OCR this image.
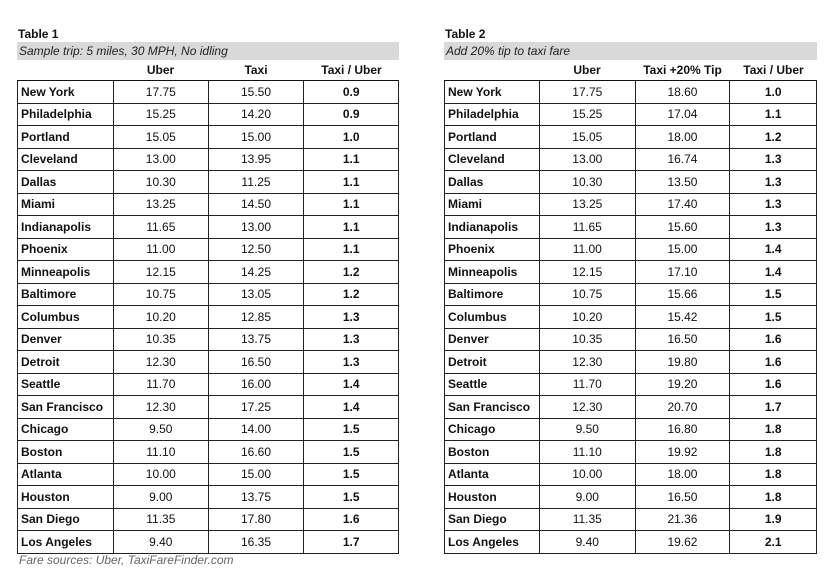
Table 1
Sample trip: 5 miles, 30 MPH, No idling
Uber	Taxi	Taxi / Uber
New York	17.75	15.50	0.9
Philadelphia	15.25	14.20	0.9
Portland	15.05	15.00	1.0
Cleveland	13.00	13.95	1.1
Dallas	10.30	11.25	1.1
Miami	13.25	14.50	1.1
Indianapolis	11.65	13.00	1.1
Phoenix	11.00	12.50	1.1
Minneapolis	12.15	14.25	1.2
Baltimore	10.75	13.05	1.2
Columbus	10.20	12.85	1.3
Denver	10.35	13.75	1.3
Detroit	12.30	16.50	1.3
Seattle	11.70	16.00	1.4
San Francisco	12.30	17.25	1.4
Chicago	9.50	14.00	1.5
Boston	11.10	16.60	1.5
Atlanta	10.00	15.00	1.5
Houston	9.00	13.75	1.5
San Diego	11.35	17.80	1.6
Los Angeles	9.40	16.35	1.7
Table 2
Add 20% tip to taxi fare
Uber	Taxi +20% Tip	Taxi / Uber
New York	17.75	18.60	1.0
Philadelphia	15.25	17.04	1.1
Portland	15.05	18.00	1.2
Cleveland	13.00	16.74	1.3
Dallas	10.30	13.50	1.3
Miami	13.25	17.40	1.3
Indianapolis	11.65	15.60	1.3
Phoenix	11.00	15.00	1.4
Minneapolis	12.15	17.10	1.4
Baltimore	10.75	15.66	1.5
Columbus	10.20	15.42	1.5
Denver	10.35	16.50	1.6
Detroit	12.30	19.80	1.6
Seattle	11.70	19.20	1.6
San Francisco	12.30	20.70	1.7
Chicago	9.50	16.80	1.8
Boston	11.10	19.92	1.8
Atlanta	10.00	18.00	1.8
Houston	9.00	16.50	1.8
San Diego	11.35	21.36	1.9
Los Angeles	9.40	19.62	2.1
Fare sources: Uber, TaxiFareFinder.com
